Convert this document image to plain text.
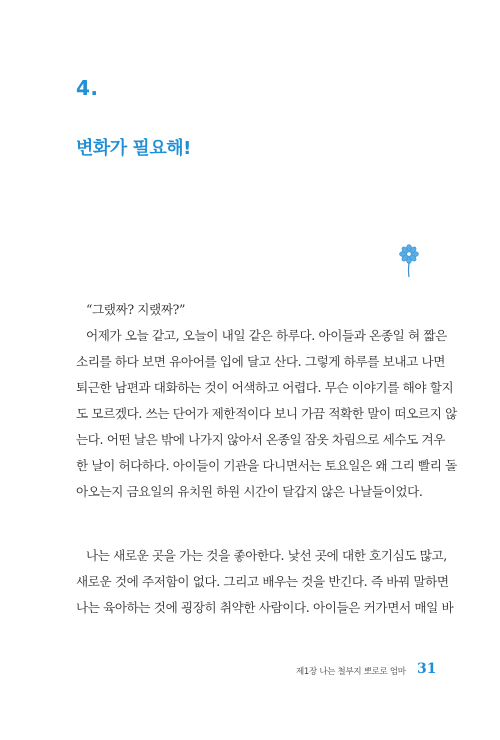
4.
변화가 필요해!
“그랬짜? 지랬짜?”
어제가 오늘 같고, 오늘이 내일 같은 하루다. 아이들과 온종일 혀 짧은
소리를 하다 보면 유아어를 입에 달고 산다. 그렇게 하루를 보내고 나면
퇴근한 남편과 대화하는 것이 어색하고 어렵다. 무슨 이야기를 해야 할지
도 모르겠다. 쓰는 단어가 제한적이다 보니 가끔 적확한 말이 떠오르지 않
는다. 어떤 날은 밖에 나가지 않아서 온종일 잠옷 차림으로 세수도 겨우
한 날이 허다하다. 아이들이 기관을 다니면서는 토요일은 왜 그리 빨리 돌
아오는지 금요일의 유치원 하원 시간이 달갑지 않은 나날들이었다.
나는 새로운 곳을 가는 것을 좋아한다. 낯선 곳에 대한 호기심도 많고,
새로운 것에 주저함이 없다. 그리고 배우는 것을 반긴다. 즉 바꿔 말하면
나는 육아하는 것에 굉장히 취약한 사람이다. 아이들은 커가면서 매일 바
제1장 나는 철부지 뽀로로 엄마 31
